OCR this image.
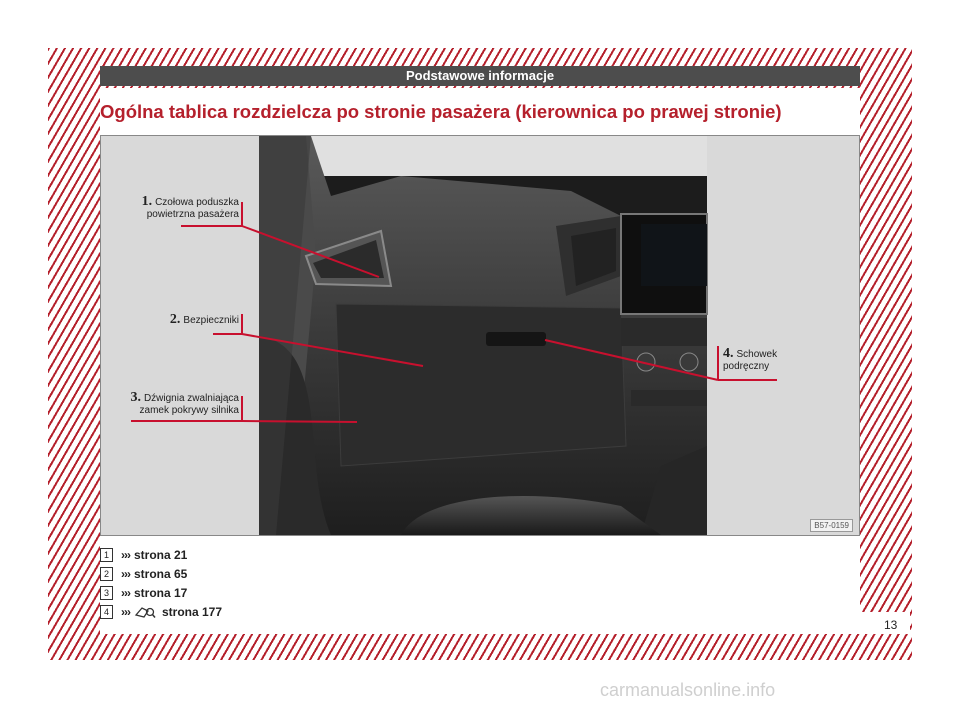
Podstawowe informacje
Ogólna tablica rozdzielcza po stronie pasażera (kierownica po prawej stronie)
1. Czołowa poduszka
powietrzna pasażera
2. Bezpieczniki
3. Dźwignia zwalniająca
zamek pokrywy silnika
4. Schowek
podręczny
B57-0159
1	››› strona 21
2	››› strona 65
3	››› strona 17
4	›››	strona 177
13
carmanualsonline.info
